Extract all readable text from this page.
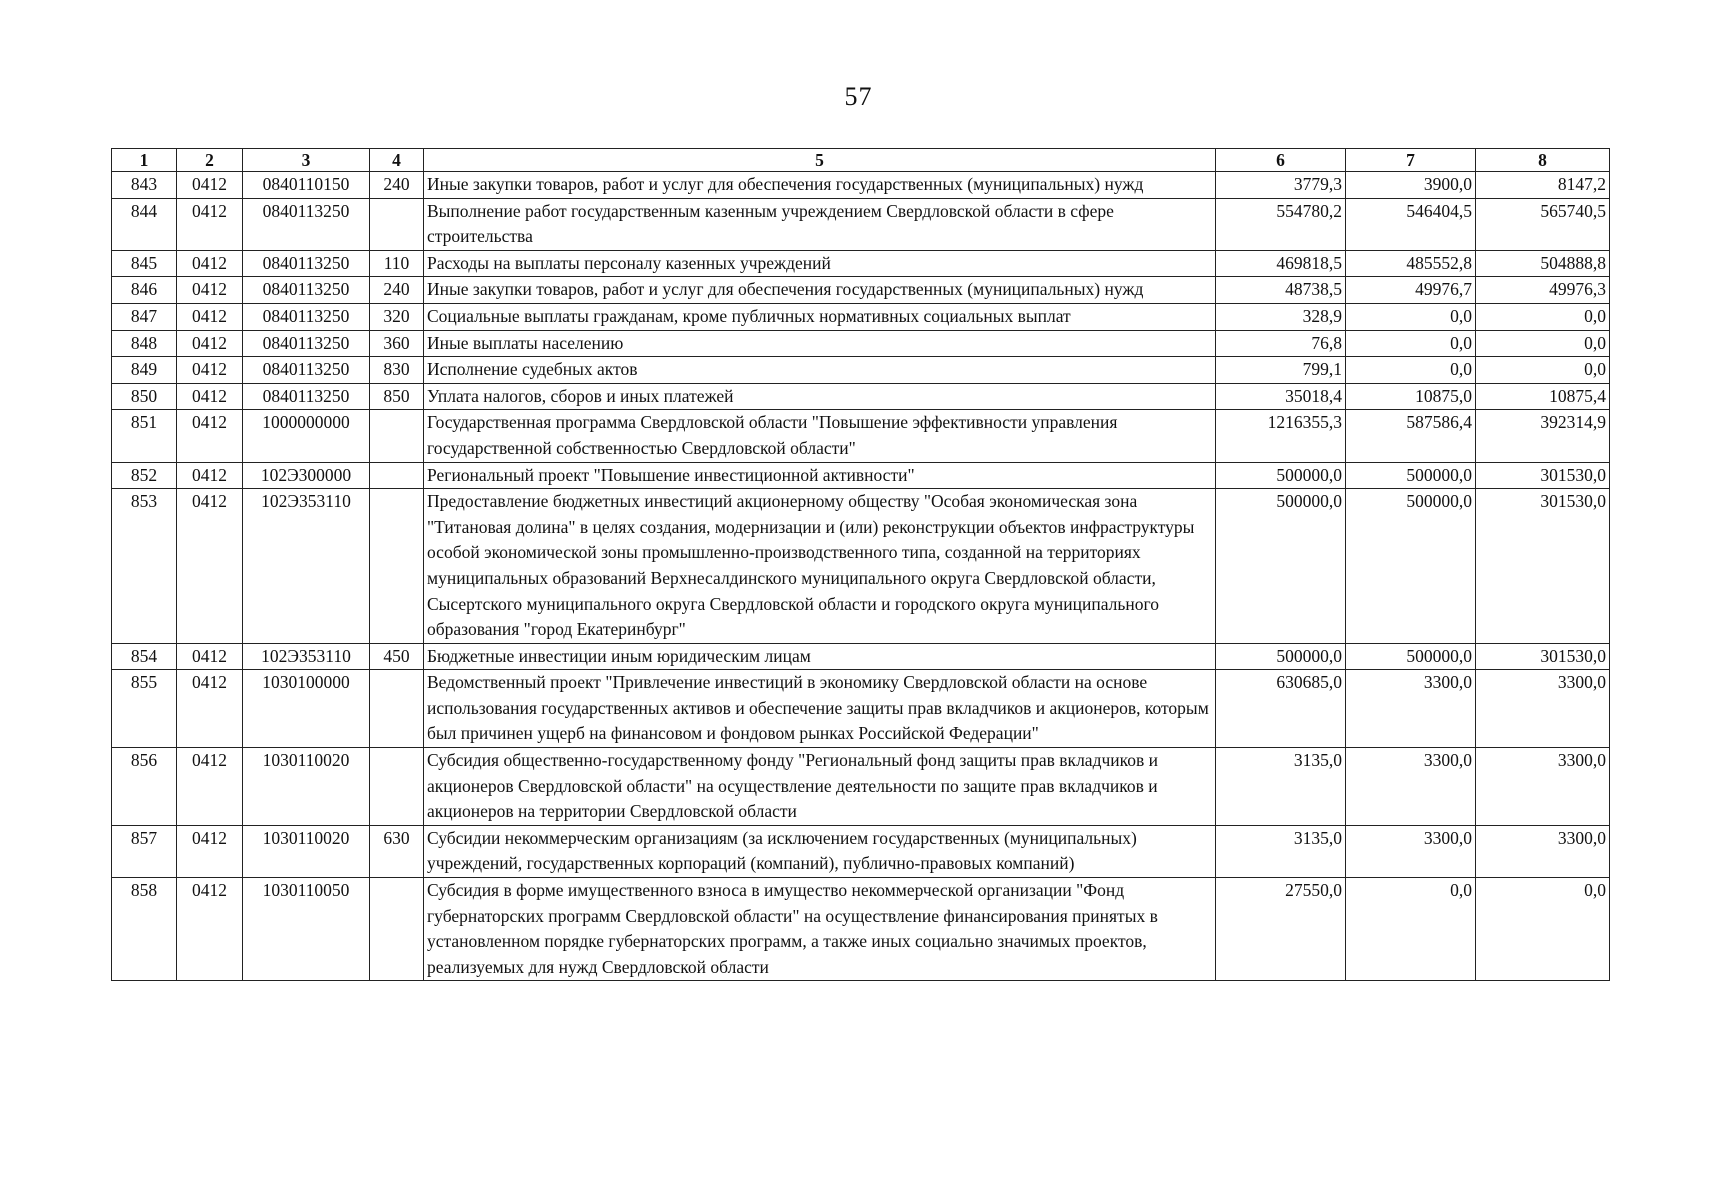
57
1	2	3	4	5	6	7	8
843	0412	0840110150	240	Иные закупки товаров, работ и услуг для обеспечения государственных (муниципальных) нужд	3779,3	3900,0	8147,2
844	0412	0840113250		Выполнение работ государственным казенным учреждением Свердловской области в сфере строительства	554780,2	546404,5	565740,5
845	0412	0840113250	110	Расходы на выплаты персоналу казенных учреждений	469818,5	485552,8	504888,8
846	0412	0840113250	240	Иные закупки товаров, работ и услуг для обеспечения государственных (муниципальных) нужд	48738,5	49976,7	49976,3
847	0412	0840113250	320	Социальные выплаты гражданам, кроме публичных нормативных социальных выплат	328,9	0,0	0,0
848	0412	0840113250	360	Иные выплаты населению	76,8	0,0	0,0
849	0412	0840113250	830	Исполнение судебных актов	799,1	0,0	0,0
850	0412	0840113250	850	Уплата налогов, сборов и иных платежей	35018,4	10875,0	10875,4
851	0412	1000000000		Государственная программа Свердловской области "Повышение эффективности управления государственной собственностью Свердловской области"	1216355,3	587586,4	392314,9
852	0412	102Э300000		Региональный проект "Повышение инвестиционной активности"	500000,0	500000,0	301530,0
853	0412	102Э353110		Предоставление бюджетных инвестиций акционерному обществу "Особая экономическая зона "Титановая долина" в целях создания, модернизации и (или) реконструкции объектов инфраструктуры особой экономической зоны промышленно-производственного типа, созданной на территориях муниципальных образований Верхнесалдинского муниципального округа Свердловской области, Сысертского муниципального округа Свердловской области и городского округа муниципального образования "город Екатеринбург"	500000,0	500000,0	301530,0
854	0412	102Э353110	450	Бюджетные инвестиции иным юридическим лицам	500000,0	500000,0	301530,0
855	0412	1030100000		Ведомственный проект "Привлечение инвестиций в экономику Свердловской области на основе использования государственных активов и обеспечение защиты прав вкладчиков и акционеров, которым был причинен ущерб на финансовом и фондовом рынках Российской Федерации"	630685,0	3300,0	3300,0
856	0412	1030110020		Субсидия общественно-государственному фонду "Региональный фонд защиты прав вкладчиков и акционеров Свердловской области" на осуществление деятельности по защите прав вкладчиков и акционеров на территории Свердловской области	3135,0	3300,0	3300,0
857	0412	1030110020	630	Субсидии некоммерческим организациям (за исключением государственных (муниципальных) учреждений, государственных корпораций (компаний), публично-правовых компаний)	3135,0	3300,0	3300,0
858	0412	1030110050		Субсидия в форме имущественного взноса в имущество некоммерческой организации "Фонд губернаторских программ Свердловской области" на осуществление финансирования принятых в установленном порядке губернаторских программ, а также иных социально значимых проектов, реализуемых для нужд Свердловской области	27550,0	0,0	0,0
